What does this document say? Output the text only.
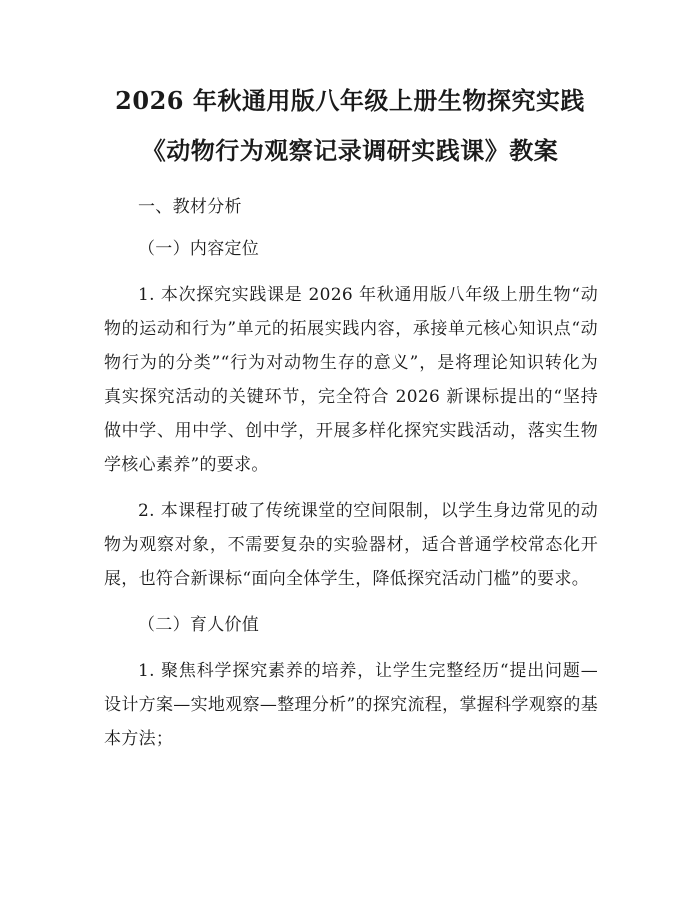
2026 年秋通用版八年级上册生物探究实践
《动物行为观察记录调研实践课》教案

一、教材分析

（一）内容定位

1. 本次探究实践课是 2026 年秋通用版八年级上册生物“动物的运动和行为”单元的拓展实践内容，承接单元核心知识点“动物行为的分类”“行为对动物生存的意义”，是将理论知识转化为真实探究活动的关键环节，完全符合 2026 新课标提出的“坚持做中学、用中学、创中学，开展多样化探究实践活动，落实生物学核心素养”的要求。

2. 本课程打破了传统课堂的空间限制，以学生身边常见的动物为观察对象，不需要复杂的实验器材，适合普通学校常态化开展，也符合新课标“面向全体学生，降低探究活动门槛”的要求。

（二）育人价值

1. 聚焦科学探究素养的培养，让学生完整经历“提出问题—设计方案—实地观察—整理分析”的探究流程，掌握科学观察的基本方法；
